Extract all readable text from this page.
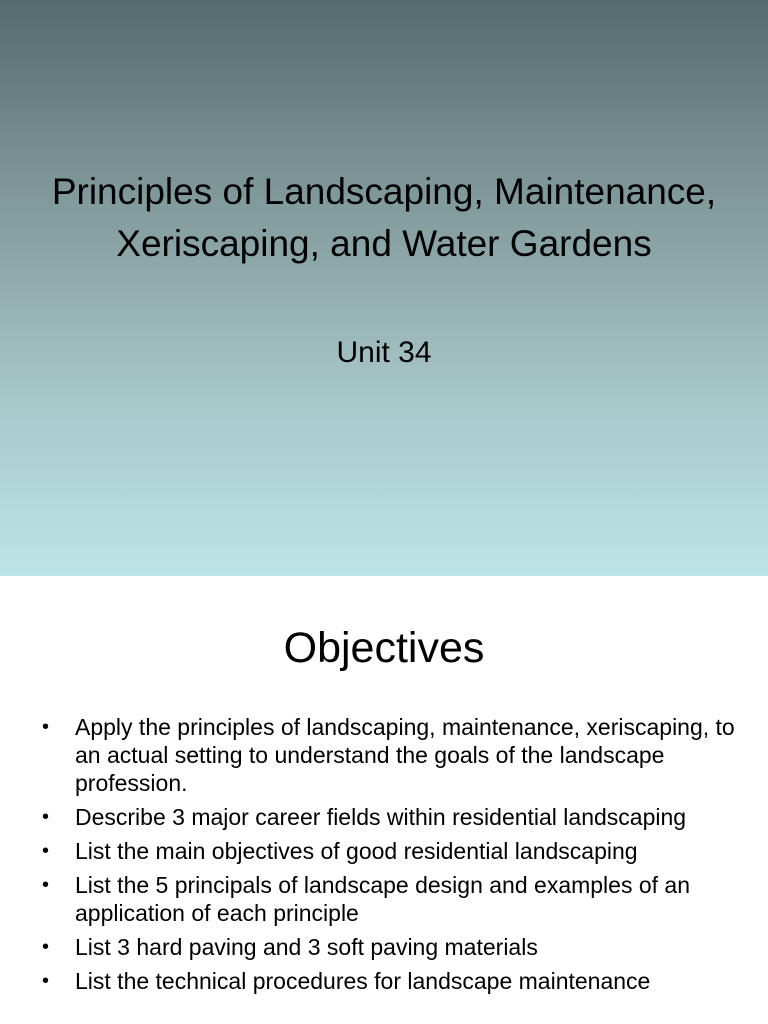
Principles of Landscaping, Maintenance, Xeriscaping, and Water Gardens
Unit 34
Objectives
• Apply the principles of landscaping, maintenance, xeriscaping, to an actual setting to understand the goals of the landscape profession.
• Describe 3 major career fields within residential landscaping
• List the main objectives of good residential landscaping
• List the 5 principals of landscape design and examples of an application of each principle
• List 3 hard paving and 3 soft paving materials
• List the technical procedures for landscape maintenance
